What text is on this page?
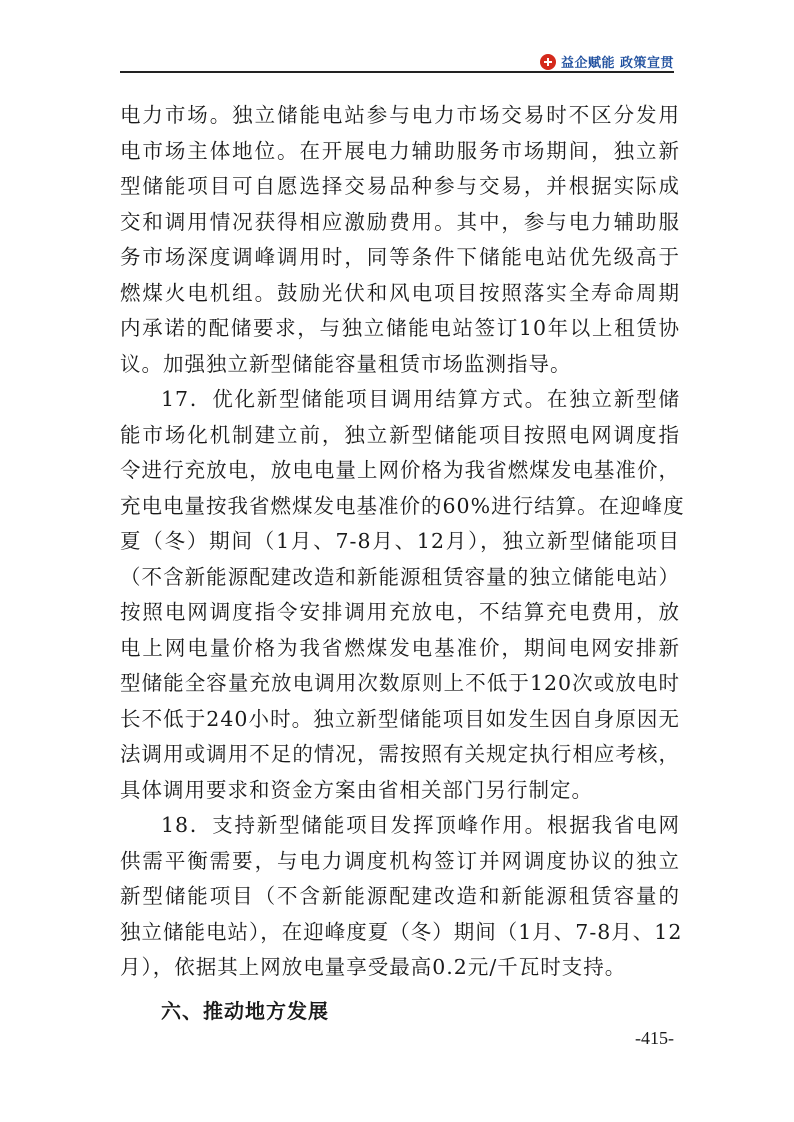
益企赋能 政策宣贯
电力市场。独立储能电站参与电力市场交易时不区分发用
电市场主体地位。在开展电力辅助服务市场期间，独立新
型储能项目可自愿选择交易品种参与交易，并根据实际成
交和调用情况获得相应激励费用。其中，参与电力辅助服
务市场深度调峰调用时，同等条件下储能电站优先级高于
燃煤火电机组。鼓励光伏和风电项目按照落实全寿命周期
内承诺的配储要求，与独立储能电站签订10年以上租赁协
议。加强独立新型储能容量租赁市场监测指导。
17．优化新型储能项目调用结算方式。在独立新型储
能市场化机制建立前，独立新型储能项目按照电网调度指
令进行充放电，放电电量上网价格为我省燃煤发电基准价，
充电电量按我省燃煤发电基准价的60%进行结算。在迎峰度
夏（冬）期间（1月、7-8月、12月），独立新型储能项目
（不含新能源配建改造和新能源租赁容量的独立储能电站）
按照电网调度指令安排调用充放电，不结算充电费用，放
电上网电量价格为我省燃煤发电基准价，期间电网安排新
型储能全容量充放电调用次数原则上不低于120次或放电时
长不低于240小时。独立新型储能项目如发生因自身原因无
法调用或调用不足的情况，需按照有关规定执行相应考核，
具体调用要求和资金方案由省相关部门另行制定。
18．支持新型储能项目发挥顶峰作用。根据我省电网
供需平衡需要，与电力调度机构签订并网调度协议的独立
新型储能项目（不含新能源配建改造和新能源租赁容量的
独立储能电站），在迎峰度夏（冬）期间（1月、7-8月、12
月），依据其上网放电量享受最高0.2元/千瓦时支持。
六、推动地方发展
-415-
